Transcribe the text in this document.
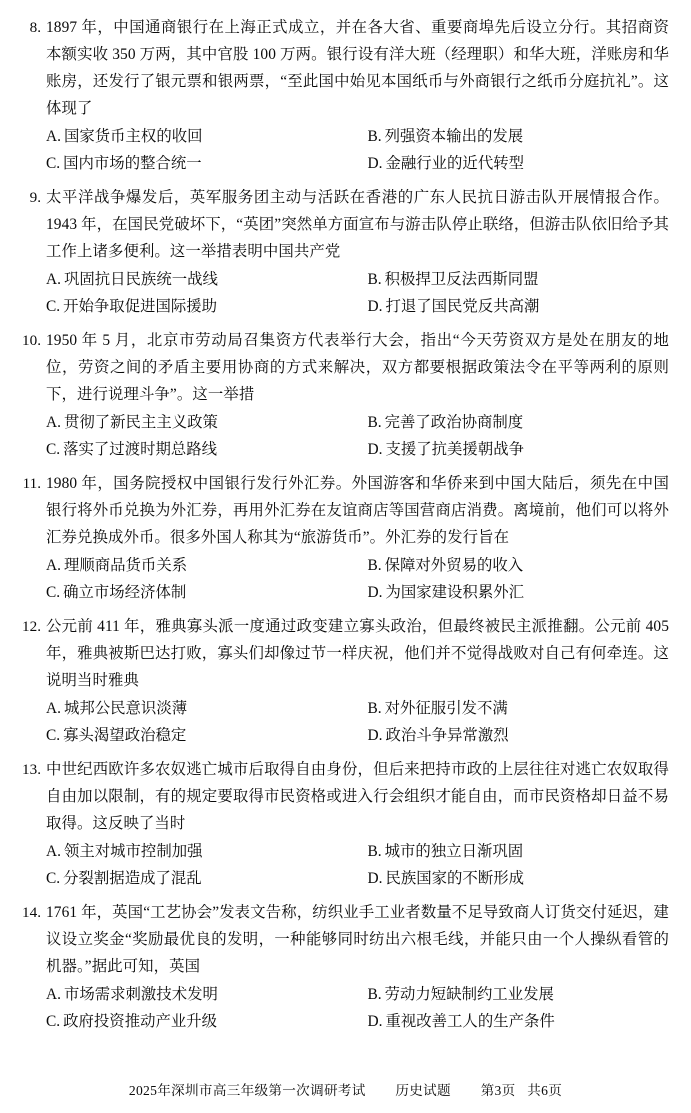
8. 1897 年，中国通商银行在上海正式成立，并在各大省、重要商埠先后设立分行。其招商资本额实收 350 万两，其中官股 100 万两。银行设有洋大班（经理职）和华大班，洋账房和华账房，还发行了银元票和银两票，“至此国中始见本国纸币与外商银行之纸币分庭抗礼”。这体现了
A. 国家货币主权的收回	B. 列强资本输出的发展
C. 国内市场的整合统一	D. 金融行业的近代转型
9. 太平洋战争爆发后，英军服务团主动与活跃在香港的广东人民抗日游击队开展情报合作。1943 年，在国民党破坏下，“英团”突然单方面宣布与游击队停止联络，但游击队依旧给予其工作上诸多便利。这一举措表明中国共产党
A. 巩固抗日民族统一战线	B. 积极捍卫反法西斯同盟
C. 开始争取促进国际援助	D. 打退了国民党反共高潮
10. 1950 年 5 月，北京市劳动局召集资方代表举行大会，指出“今天劳资双方是处在朋友的地位，劳资之间的矛盾主要用协商的方式来解决，双方都要根据政策法令在平等两利的原则下，进行说理斗争”。这一举措
A. 贯彻了新民主主义政策	B. 完善了政治协商制度
C. 落实了过渡时期总路线	D. 支援了抗美援朝战争
11. 1980 年，国务院授权中国银行发行外汇券。外国游客和华侨来到中国大陆后，须先在中国银行将外币兑换为外汇券，再用外汇券在友谊商店等国营商店消费。离境前，他们可以将外汇券兑换成外币。很多外国人称其为“旅游货币”。外汇券的发行旨在
A. 理顺商品货币关系	B. 保障对外贸易的收入
C. 确立市场经济体制	D. 为国家建设积累外汇
12. 公元前 411 年，雅典寡头派一度通过政变建立寡头政治，但最终被民主派推翻。公元前 405 年，雅典被斯巴达打败，寡头们却像过节一样庆祝，他们并不觉得战败对自己有何牵连。这说明当时雅典
A. 城邦公民意识淡薄	B. 对外征服引发不满
C. 寡头渴望政治稳定	D. 政治斗争异常激烈
13. 中世纪西欧许多农奴逃亡城市后取得自由身份，但后来把持市政的上层往往对逃亡农奴取得自由加以限制，有的规定要取得市民资格或进入行会组织才能自由，而市民资格却日益不易取得。这反映了当时
A. 领主对城市控制加强	B. 城市的独立日渐巩固
C. 分裂割据造成了混乱	D. 民族国家的不断形成
14. 1761 年，英国“工艺协会”发表文告称，纺织业手工业者数量不足导致商人订货交付延迟，建议设立奖金“奖励最优良的发明，一种能够同时纺出六根毛线，并能只由一个人操纵看管的机器。”据此可知，英国
A. 市场需求刺激技术发明	B. 劳动力短缺制约工业发展
C. 政府投资推动产业升级	D. 重视改善工人的生产条件
2025年深圳市高三年级第一次调研考试 历史试题 第3页 共6页
